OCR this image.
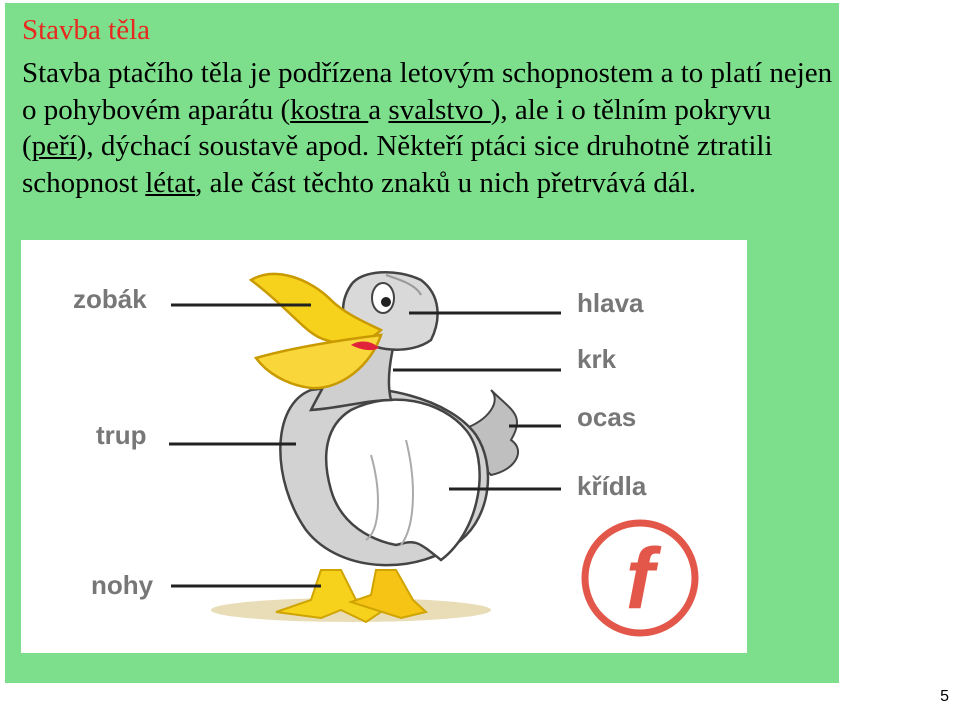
Stavba těla

Stavba ptačího těla je podřízena letovým schopnostem a to platí nejen o pohybovém aparátu (kostra a svalstvo ), ale i o tělním pokryvu (peří), dýchací soustavě apod. Někteří ptáci sice druhotně ztratili schopnost létat, ale část těchto znaků u nich přetrvává dál.

zobák	hlava
krk
ocas
křídla
trup
nohy	f
5
